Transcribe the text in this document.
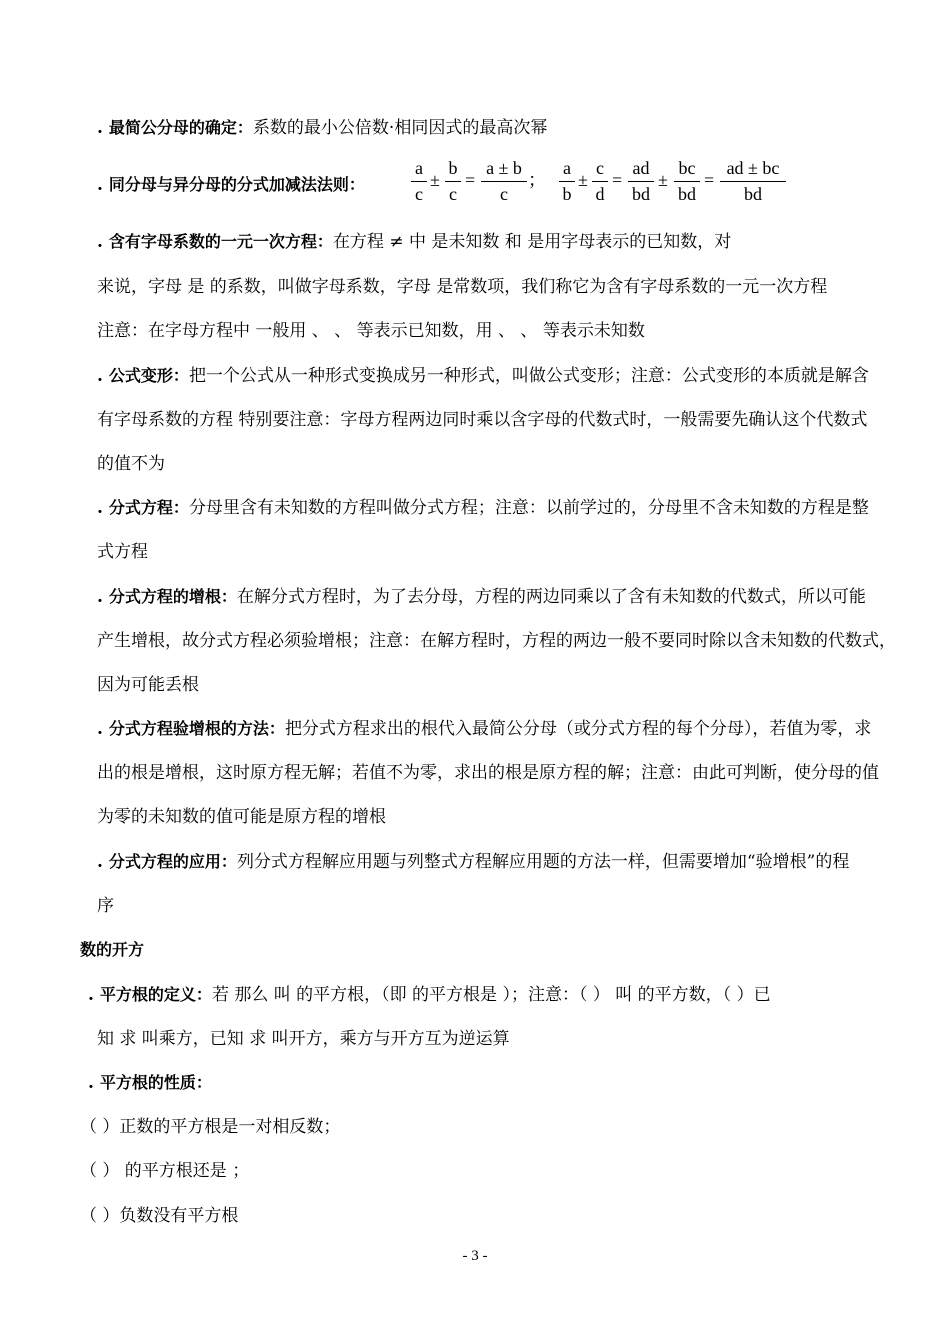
. 最简公分母的确定：系数的最小公倍数·相同因式的最高次幂
. 同分母与异分母的分式加减法法则：
a
c
±
b
c
=
a ± b
c
；
a
b
±
c
d
=
ad
bd
±
bc
bd
=
ad ± bc
bd
. 含有字母系数的一元一次方程：在方程 ≠ 中 是未知数 和 是用字母表示的已知数，对
来说，字母 是 的系数，叫做字母系数，字母 是常数项，我们称它为含有字母系数的一元一次方程
注意：在字母方程中 一般用 、 、 等表示已知数，用 、 、 等表示未知数
. 公式变形：把一个公式从一种形式变换成另一种形式，叫做公式变形；注意：公式变形的本质就是解含
有字母系数的方程 特别要注意：字母方程两边同时乘以含字母的代数式时，一般需要先确认这个代数式
的值不为
. 分式方程：分母里含有未知数的方程叫做分式方程；注意：以前学过的，分母里不含未知数的方程是整
式方程
. 分式方程的增根：在解分式方程时，为了去分母，方程的两边同乘以了含有未知数的代数式，所以可能
产生增根，故分式方程必须验增根；注意：在解方程时，方程的两边一般不要同时除以含未知数的代数式，
因为可能丢根
. 分式方程验增根的方法：把分式方程求出的根代入最简公分母（或分式方程的每个分母），若值为零，求
出的根是增根，这时原方程无解；若值不为零，求出的根是原方程的解；注意：由此可判断，使分母的值
为零的未知数的值可能是原方程的增根
. 分式方程的应用：列分式方程解应用题与列整式方程解应用题的方法一样，但需要增加“验增根”的程
序
数的开方
. 平方根的定义：若 那么 叫 的平方根，（即 的平方根是 ）；注意：（ ） 叫 的平方数，（ ）已
知 求 叫乘方，已知 求 叫开方，乘方与开方互为逆运算
. 平方根的性质：
（ ）正数的平方根是一对相反数；
（ ） 的平方根还是 ；
（ ）负数没有平方根
- 3 -
